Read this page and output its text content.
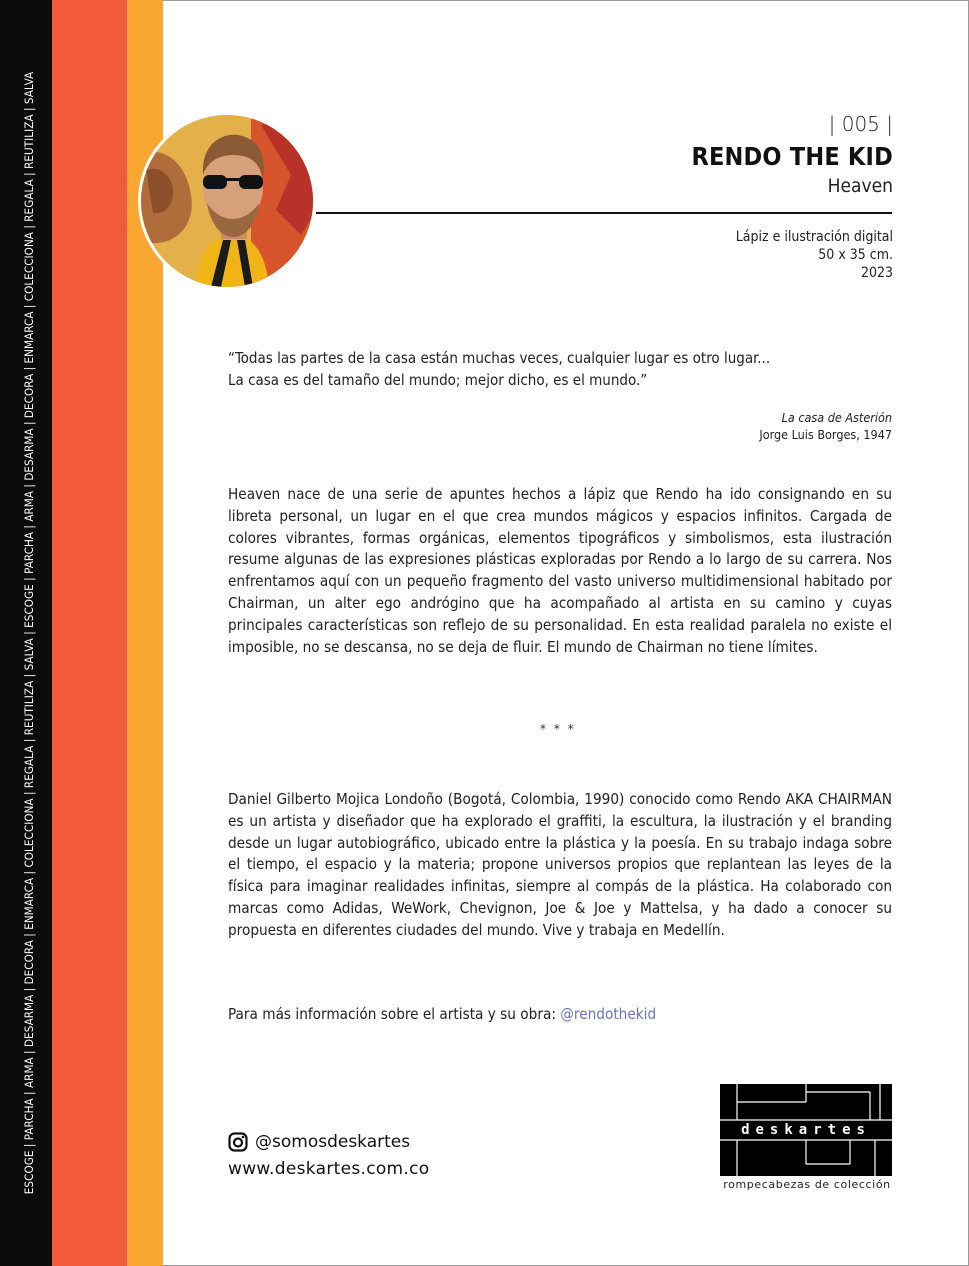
ESCOGE | PARCHA | ARMA | DESARMA | DECORA | ENMARCA | COLECCIONA | REGALA | REUTILIZA | SALVA | ESCOGE | PARCHA | ARMA | DESARMA | DECORA | ENMARCA | COLECCIONA | REGALA | REUTILIZA | SALVA	| 005 |
RENDO THE KID
Heaven
Lápiz e ilustración digital
50 x 35 cm.
2023
“Todas las partes de la casa están muchas veces, cualquier lugar es otro lugar...
La casa es del tamaño del mundo; mejor dicho, es el mundo.”
La casa de Asterión
Jorge Luis Borges, 1947
Heaven nace de una serie de apuntes hechos a lápiz que Rendo ha ido consignando en su libreta personal, un lugar en el que crea mundos mágicos y espacios infinitos. Cargada de colores vibrantes, formas orgánicas, elementos tipográficos y simbolismos, esta ilustración resume algunas de las expresiones plásticas exploradas por Rendo a lo largo de su carrera. Nos enfrentamos aquí con un pequeño fragmento del vasto universo multidimensional habitado por Chairman, un alter ego andrógino que ha acompañado al artista en su camino y cuyas principales características son reflejo de su personalidad. En esta realidad paralela no existe el imposible, no se descansa, no se deja de fluir. El mundo de Chairman no tiene límites.
* * *
Daniel Gilberto Mojica Londoño (Bogotá, Colombia, 1990) conocido como Rendo AKA CHAIRMAN es un artista y diseñador que ha explorado el graffiti, la escultura, la ilustración y el branding desde un lugar autobiográfico, ubicado entre la plástica y la poesía. En su trabajo indaga sobre el tiempo, el espacio y la materia; propone universos propios que replantean las leyes de la física para imaginar realidades infinitas, siempre al compás de la plástica. Ha colaborado con marcas como Adidas, WeWork, Chevignon, Joe & Joe y Mattelsa, y ha dado a conocer su propuesta en diferentes ciudades del mundo. Vive y trabaja en Medellín.
Para más información sobre el artista y su obra: @rendothekid
@somosdeskartes
www.deskartes.com.co
deskartes
rompecabezas de colección
